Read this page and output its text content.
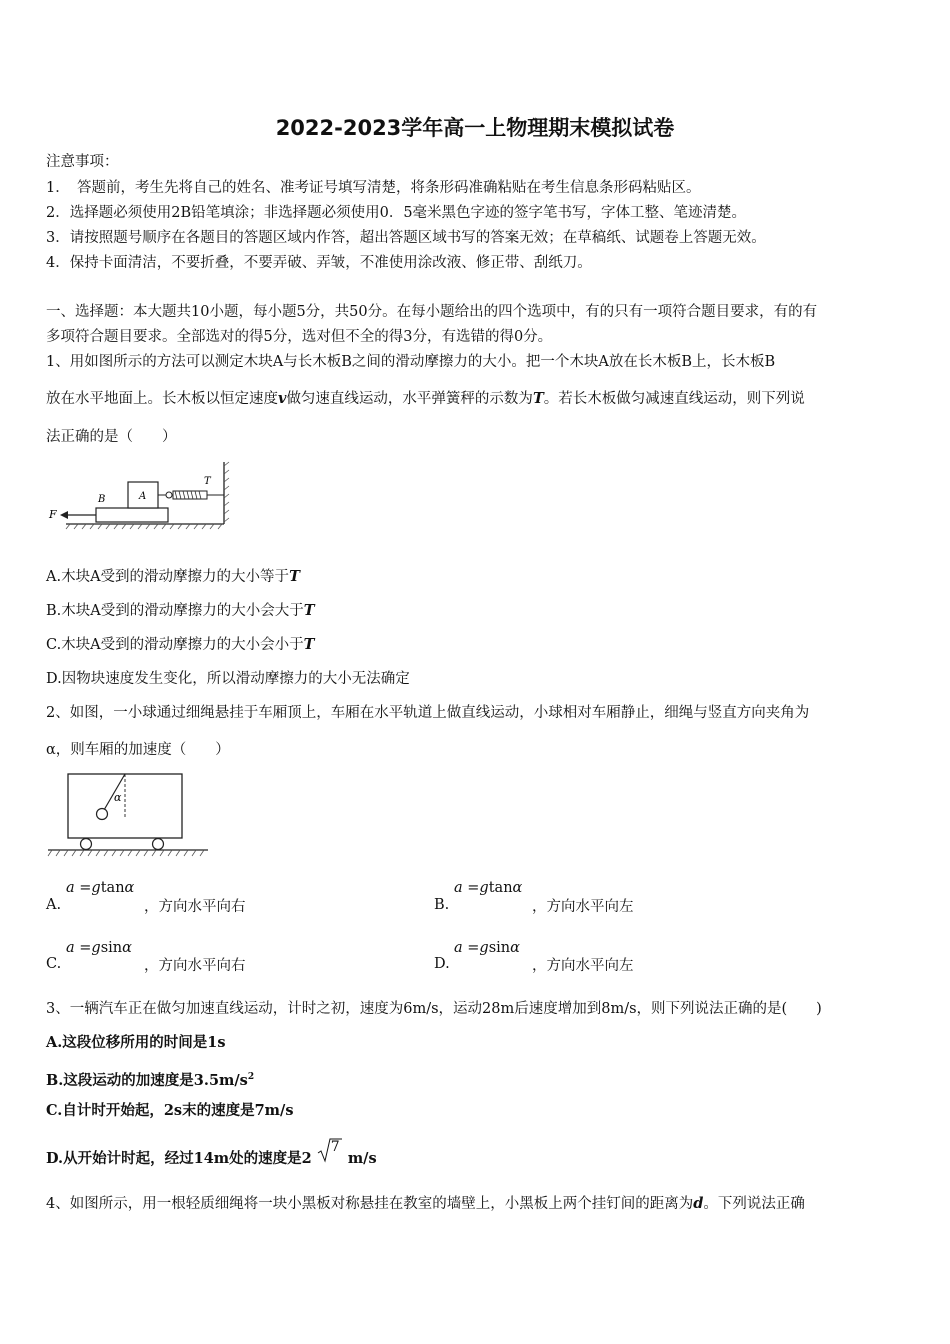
2022-2023学年高一上物理期末模拟试卷
注意事项：
1．　答题前，考生先将自己的姓名、准考证号填写清楚，将条形码准确粘贴在考生信息条形码粘贴区。
2．选择题必须使用2B铅笔填涂；非选择题必须使用0．5毫米黑色字迹的签字笔书写，字体工整、笔迹清楚。
3．请按照题号顺序在各题目的答题区域内作答，超出答题区域书写的答案无效；在草稿纸、试题卷上答题无效。
4．保持卡面清洁，不要折叠，不要弄破、弄皱，不准使用涂改液、修正带、刮纸刀。
一、选择题：本大题共10小题，每小题5分，共50分。在每小题给出的四个选项中，有的只有一项符合题目要求，有的有
多项符合题目要求。全部选对的得5分，选对但不全的得3分，有选错的得0分。
1、用如图所示的方法可以测定木块A与长木板B之间的滑动摩擦力的大小。把一个木块A放在长木板B上，长木板B
放在水平地面上。长木板以恒定速度v做匀速直线运动，水平弹簧秤的示数为T。若长木板做匀减速直线运动，则下列说
法正确的是（　　）
F
B	A
T
A.木块A受到的滑动摩擦力的大小等于T
B.木块A受到的滑动摩擦力的大小会大于T
C.木块A受到的滑动摩擦力的大小会小于T
D.因物块速度发生变化，所以滑动摩擦力的大小无法确定
2、如图，一小球通过细绳悬挂于车厢顶上，车厢在水平轨道上做直线运动，小球相对车厢静止，细绳与竖直方向夹角为
α，则车厢的加速度（　　）
α
A.
a =gtanα
，方向水平向右	B.
a =gtanα
，方向水平向左
C.
a =gsinα
，方向水平向右	D.
a =gsinα
，方向水平向左
3、一辆汽车正在做匀加速直线运动，计时之初，速度为6m/s，运动28m后速度增加到8m/s，则下列说法正确的是(　　)
A.这段位移所用的时间是1s
B.这段运动的加速度是$3.5m/s^2$
C.自计时开始起，2s末的速度是7m/s
D.从开始计时起，经过14m处的速度是2
7
m/s
4、如图所示，用一根轻质细绳将一块小黑板对称悬挂在教室的墙壁上，小黑板上两个挂钉间的距离为d。下列说法正确
